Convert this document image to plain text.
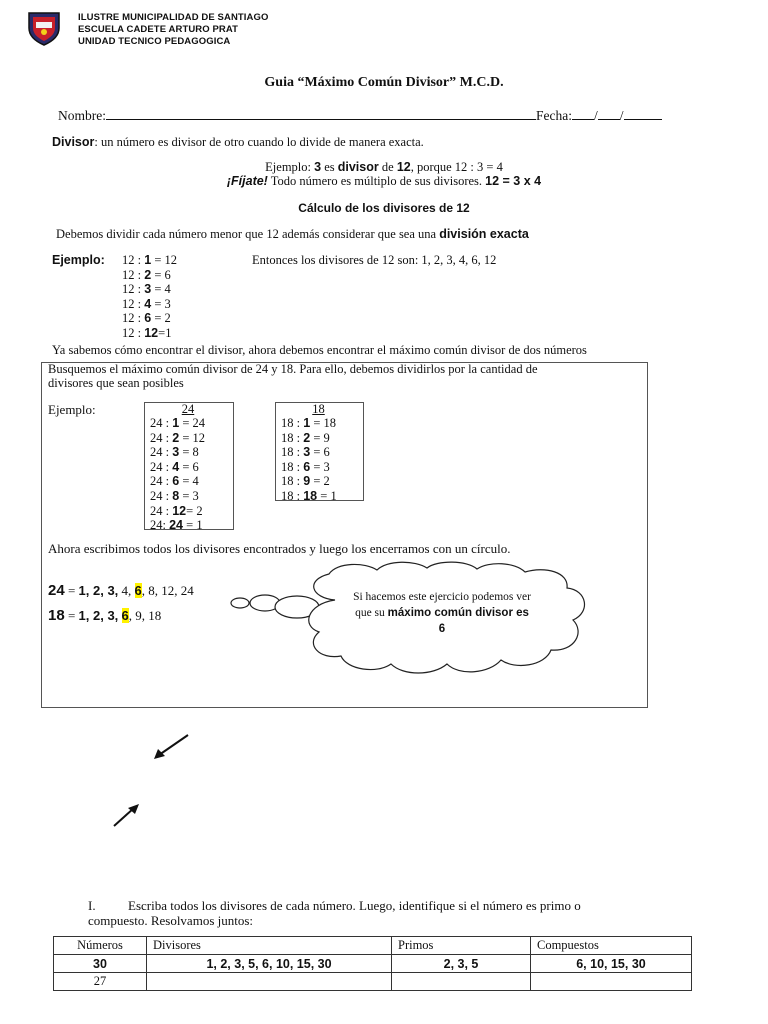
ILUSTRE MUNICIPALIDAD DE SANTIAGO
ESCUELA CADETE ARTURO PRAT
UNIDAD TECNICO PEDAGOGICA
Guia “Máximo Común Divisor” M.C.D.
Nombre:	Fecha: / /
Divisor: un número es divisor de otro cuando lo divide de manera exacta.
Ejemplo: 3 es divisor de 12, porque 12 : 3 = 4
¡Fíjate! Todo número es múltiplo de sus divisores. 12 = 3 x 4
Cálculo de los divisores de 12
Debemos dividir cada número menor que 12 además considerar que sea una división exacta
Ejemplo: 12 : 1 = 12
12 : 2 = 6
12 : 3 = 4
12 : 4 = 3
12 : 6 = 2
12 : 12=1
Entonces los divisores de 12 son: 1, 2, 3, 4, 6, 12
Ya sabemos cómo encontrar el divisor, ahora debemos encontrar el máximo común divisor de dos números
Busquemos el máximo común divisor de 24 y 18. Para ello, debemos dividirlos por la cantidad de
divisores que sean posibles
Ejemplo:	24
24 : 1 = 24
24 : 2 = 12
24 : 3 = 8
24 : 4 = 6
24 : 6 = 4
24 : 8 = 3
24 : 12= 2
24: 24 = 1
18
18 : 1 = 18
18 : 2 = 9
18 : 3 = 6
18 : 6 = 3
18 : 9 = 2
18 : 18 = 1
Ahora escribimos todos los divisores encontrados y luego los encerramos con un círculo.
24 = 1, 2, 3, 4, 6, 8, 12, 24
18 = 1, 2, 3, 6, 9, 18
Si hacemos este ejercicio podemos ver
que su máximo común divisor es
6
I. Escriba todos los divisores de cada número. Luego, identifique si el número es primo o
compuesto. Resolvamos juntos:
Números	Divisores	Primos	Compuestos
30	1, 2, 3, 5, 6, 10, 15, 30	2, 3, 5	6, 10, 15, 30
27			
